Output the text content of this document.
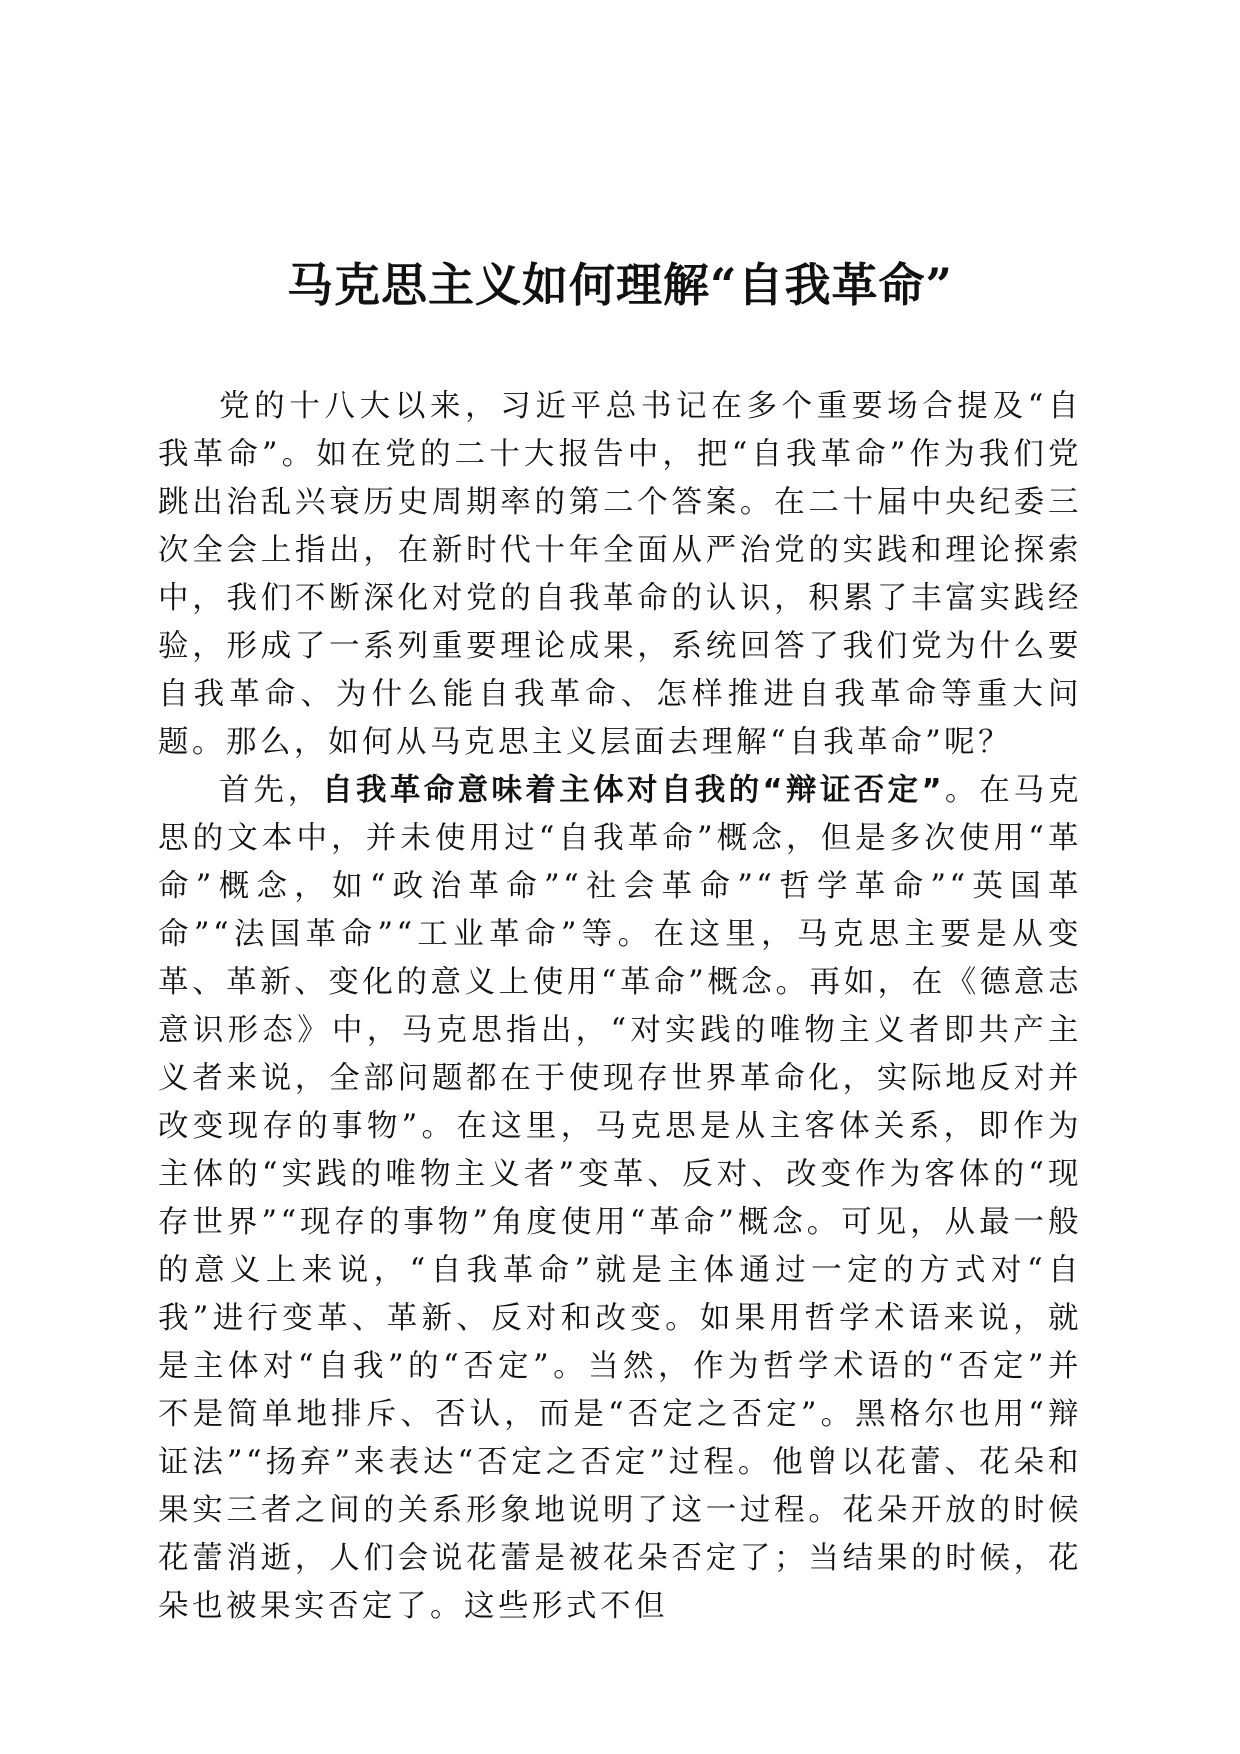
马克思主义如何理解“自我革命”

党的十八大以来，习近平总书记在多个重要场合提及“自我革命”。如在党的二十大报告中，把“自我革命”作为我们党跳出治乱兴衰历史周期率的第二个答案。在二十届中央纪委三次全会上指出，在新时代十年全面从严治党的实践和理论探索中，我们不断深化对党的自我革命的认识，积累了丰富实践经验，形成了一系列重要理论成果，系统回答了我们党为什么要自我革命、为什么能自我革命、怎样推进自我革命等重大问题。那么，如何从马克思主义层面去理解“自我革命”呢？

首先，自我革命意味着主体对自我的“辩证否定”。在马克思的文本中，并未使用过“自我革命”概念，但是多次使用“革命”概念，如“政治革命”“社会革命”“哲学革命”“英国革命”“法国革命”“工业革命”等。在这里，马克思主要是从变革、革新、变化的意义上使用“革命”概念。再如，在《德意志意识形态》中，马克思指出，“对实践的唯物主义者即共产主义者来说，全部问题都在于使现存世界革命化，实际地反对并改变现存的事物”。在这里，马克思是从主客体关系，即作为主体的“实践的唯物主义者”变革、反对、改变作为客体的“现存世界”“现存的事物”角度使用“革命”概念。可见，从最一般的意义上来说，“自我革命”就是主体通过一定的方式对“自我”进行变革、革新、反对和改变。如果用哲学术语来说，就是主体对“自我”的“否定”。当然，作为哲学术语的“否定”并不是简单地排斥、否认，而是“否定之否定”。黑格尔也用“辩证法”“扬弃”来表达“否定之否定”过程。他曾以花蕾、花朵和果实三者之间的关系形象地说明了这一过程。花朵开放的时候花蕾消逝，人们会说花蕾是被花朵否定了；当结果的时候，花朵也被果实否定了。这些形式不但
